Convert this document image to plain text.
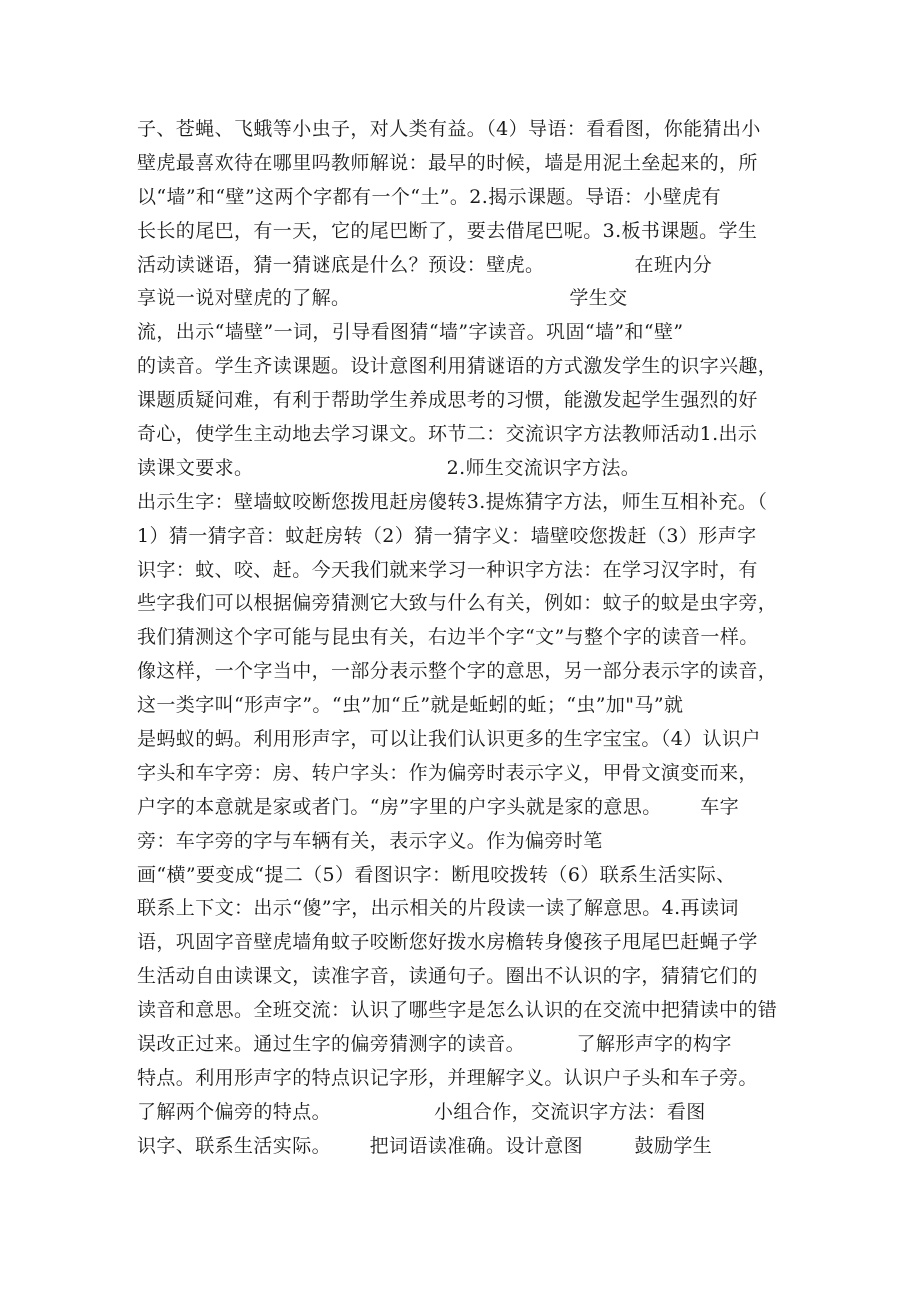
子、苍蝇、飞蛾等小虫子，对人类有益。（4）导语：看看图，你能猜出小
壁虎最喜欢待在哪里吗教师解说：最早的时候，墙是用泥土垒起来的，所
以“墙”和“壁”这两个字都有一个“土”。2.揭示课题。导语：小壁虎有
长长的尾巴，有一天，它的尾巴断了，要去借尾巴呢。3.板书课题。学生
活动读谜语，猜一猜谜底是什么？预设：壁虎。              在班内分
享说一说对壁虎的了解。                                  学生交
流，出示“墙壁”一词，引导看图猜“墙”字读音。巩固“墙”和“壁”
的读音。学生齐读课题。设计意图利用猜谜语的方式激发学生的识字兴趣，
课题质疑问难，有利于帮助学生养成思考的习惯，能激发起学生强烈的好
奇心，使学生主动地去学习课文。环节二：交流识字方法教师活动1.出示
读课文要求。                              2.师生交流识字方法。
出示生字：壁墙蚊咬断您拨甩赶房傻转3.提炼猜字方法，师生互相补充。（
1）猜一猜字音：蚊赶房转（2）猜一猜字义：墙壁咬您拨赶（3）形声字
识字：蚊、咬、赶。今天我们就来学习一种识字方法：在学习汉字时，有
些字我们可以根据偏旁猜测它大致与什么有关，例如：蚊子的蚊是虫字旁，
我们猜测这个字可能与昆虫有关，右边半个字“文”与整个字的读音一样。
像这样，一个字当中，一部分表示整个字的意思，另一部分表示字的读音，
这一类字叫“形声字”。“虫”加“丘”就是蚯蚓的蚯；“虫”加"马”就
是蚂蚁的蚂。利用形声字，可以让我们认识更多的生字宝宝。（4）认识户
字头和车字旁：房、转户字头：作为偏旁时表示字义，甲骨文演变而来，
户字的本意就是家或者门。“房”字里的户字头就是家的意思。      车字
旁：车字旁的字与车辆有关，表示字义。作为偏旁时笔
画“横”要变成“提二（5）看图识字：断甩咬拨转（6）联系生活实际、
联系上下文：出示“傻”字，出示相关的片段读一读了解意思。4.再读词
语，巩固字音壁虎墙角蚊子咬断您好拨水房檐转身傻孩子甩尾巴赶蝇子学
生活动自由读课文，读准字音，读通句子。圈出不认识的字，猜猜它们的
读音和意思。全班交流：认识了哪些字是怎么认识的在交流中把猜读中的错
误改正过来。通过生字的偏旁猜测字的读音。        了解形声字的构字
特点。利用形声字的特点识记字形，并理解字义。认识户子头和车子旁。
了解两个偏旁的特点。                小组合作，交流识字方法：看图
识字、联系生活实际。      把词语读准确。设计意图        鼓励学生
